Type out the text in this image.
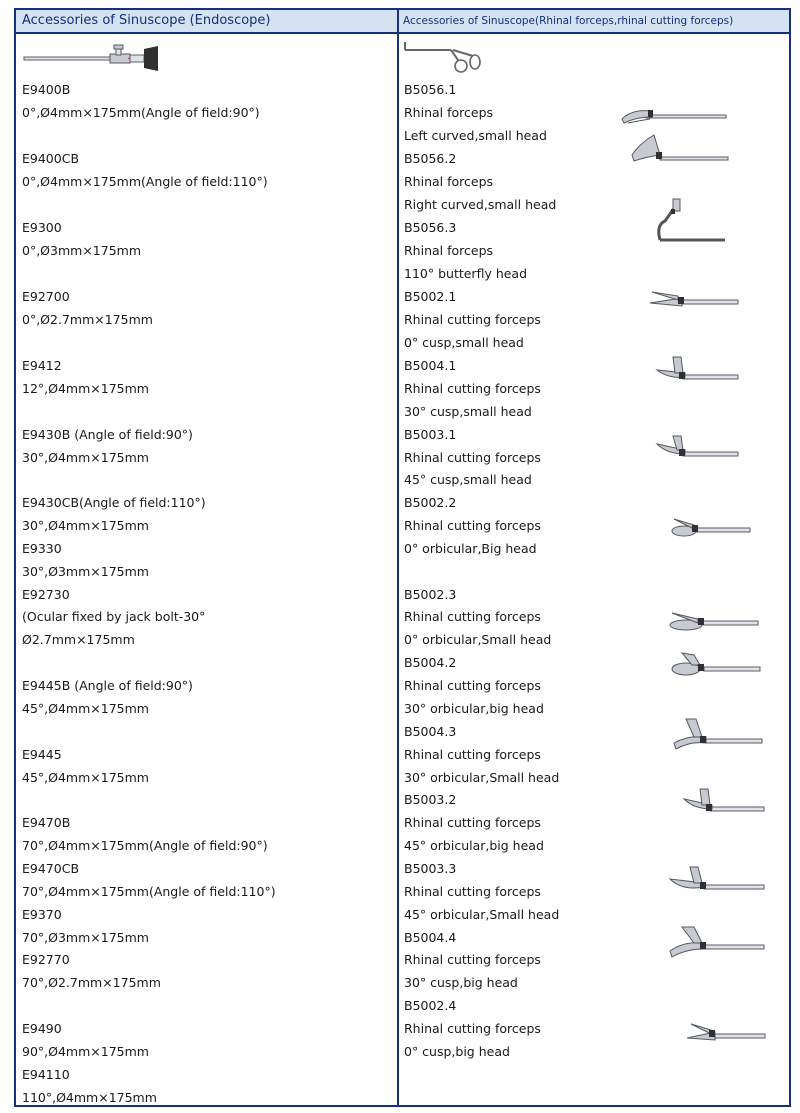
Accessories of Sinuscope (Endoscope)	Accessories of Sinuscope(Rhinal forceps,rhinal cutting forceps)
E9400B
0°,Ø4mm×175mm(Angle of field:90°)
E9400CB
0°,Ø4mm×175mm(Angle of field:110°)
E9300
0°,Ø3mm×175mm
E92700
0°,Ø2.7mm×175mm
E9412
12°,Ø4mm×175mm
E9430B (Angle of field:90°)
30°,Ø4mm×175mm
E9430CB(Angle of field:110°)
30°,Ø4mm×175mm
E9330
30°,Ø3mm×175mm
E92730
(Ocular fixed by jack bolt-30°
Ø2.7mm×175mm
E9445B (Angle of field:90°)
45°,Ø4mm×175mm
E9445
45°,Ø4mm×175mm
E9470B
70°,Ø4mm×175mm(Angle of field:90°)
E9470CB
70°,Ø4mm×175mm(Angle of field:110°)
E9370
70°,Ø3mm×175mm
E92770
70°,Ø2.7mm×175mm
E9490
90°,Ø4mm×175mm
E94110
110°,Ø4mm×175mm
B5056.1
Rhinal forceps
Left curved,small head
B5056.2
Rhinal forceps
Right curved,small head
B5056.3
Rhinal forceps
110° butterfly head
B5002.1
Rhinal cutting forceps
0° cusp,small head
B5004.1
Rhinal cutting forceps
30° cusp,small head
B5003.1
Rhinal cutting forceps
45° cusp,small head
B5002.2
Rhinal cutting forceps
0° orbicular,Big head
B5002.3
Rhinal cutting forceps
0° orbicular,Small head
B5004.2
Rhinal cutting forceps
30° orbicular,big head
B5004.3
Rhinal cutting forceps
30° orbicular,Small head
B5003.2
Rhinal cutting forceps
45° orbicular,big head
B5003.3
Rhinal cutting forceps
45° orbicular,Small head
B5004.4
Rhinal cutting forceps
30° cusp,big head
B5002.4
Rhinal cutting forceps
0° cusp,big head
